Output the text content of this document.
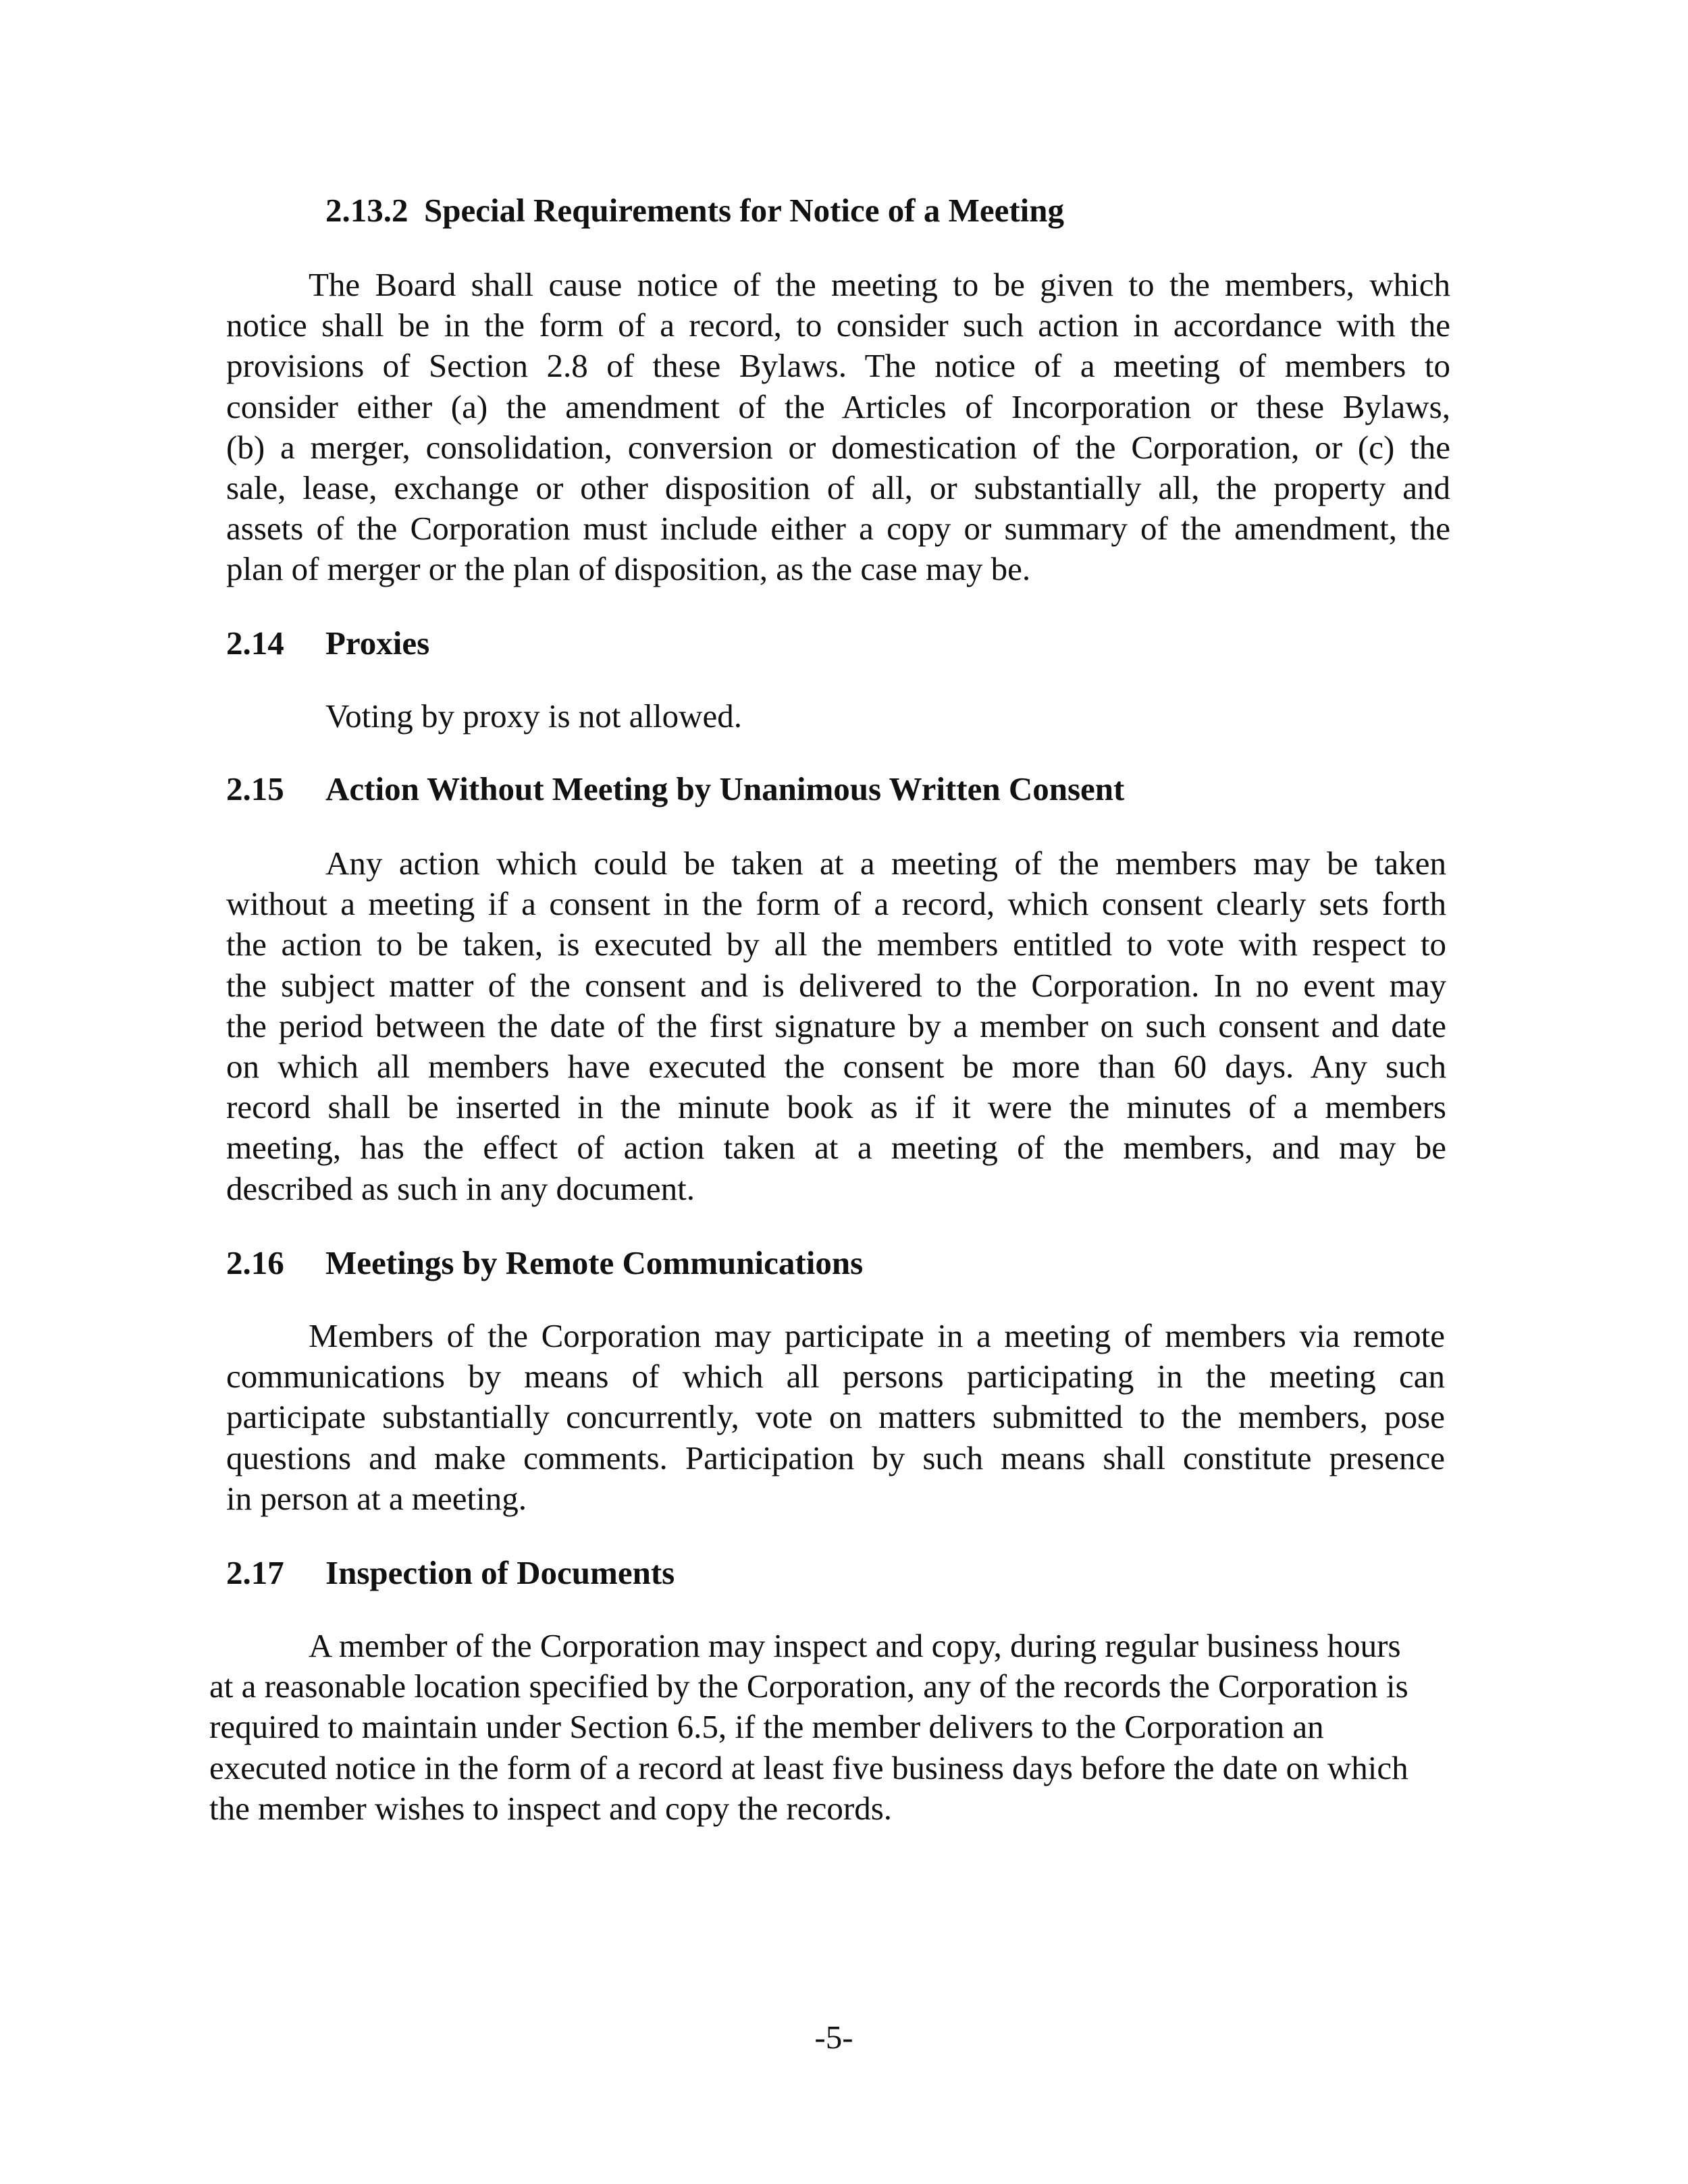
2.13.2 Special Requirements for Notice of a Meeting
The Board shall cause notice of the meeting to be given to the members, which
notice shall be in the form of a record, to consider such action in accordance with the
provisions of Section 2.8 of these Bylaws. The notice of a meeting of members to
consider either (a) the amendment of the Articles of Incorporation or these Bylaws,
(b) a merger, consolidation, conversion or domestication of the Corporation, or (c) the
sale, lease, exchange or other disposition of all, or substantially all, the property and
assets of the Corporation must include either a copy or summary of the amendment, the
plan of merger or the plan of disposition, as the case may be.
2.14 Proxies
Voting by proxy is not allowed.
2.15 Action Without Meeting by Unanimous Written Consent
Any action which could be taken at a meeting of the members may be taken
without a meeting if a consent in the form of a record, which consent clearly sets forth
the action to be taken, is executed by all the members entitled to vote with respect to
the subject matter of the consent and is delivered to the Corporation. In no event may
the period between the date of the first signature by a member on such consent and date
on which all members have executed the consent be more than 60 days. Any such
record shall be inserted in the minute book as if it were the minutes of a members
meeting, has the effect of action taken at a meeting of the members, and may be
described as such in any document.
2.16 Meetings by Remote Communications
Members of the Corporation may participate in a meeting of members via remote
communications by means of which all persons participating in the meeting can
participate substantially concurrently, vote on matters submitted to the members, pose
questions and make comments. Participation by such means shall constitute presence
in person at a meeting.
2.17 Inspection of Documents
A member of the Corporation may inspect and copy, during regular business hours
at a reasonable location specified by the Corporation, any of the records the Corporation is
required to maintain under Section 6.5, if the member delivers to the Corporation an
executed notice in the form of a record at least five business days before the date on which
the member wishes to inspect and copy the records.
-5-
